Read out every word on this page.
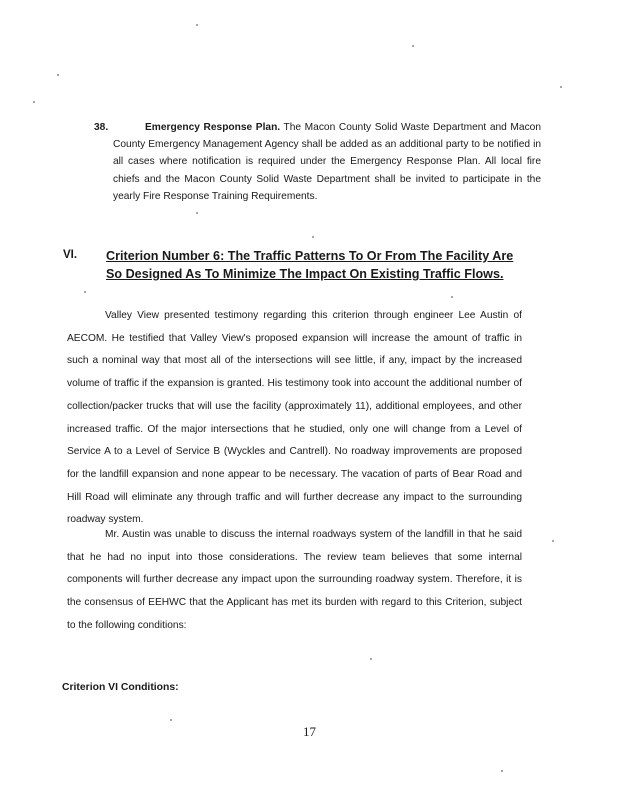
38.	Emergency Response Plan. The Macon County Solid Waste Department and Macon County Emergency Management Agency shall be added as an additional party to be notified in all cases where notification is required under the Emergency Response Plan. All local fire chiefs and the Macon County Solid Waste Department shall be invited to participate in the yearly Fire Response Training Requirements.
VI. Criterion Number 6: The Traffic Patterns To Or From The Facility Are So Designed As To Minimize The Impact On Existing Traffic Flows.
Valley View presented testimony regarding this criterion through engineer Lee Austin of AECOM. He testified that Valley View's proposed expansion will increase the amount of traffic in such a nominal way that most all of the intersections will see little, if any, impact by the increased volume of traffic if the expansion is granted. His testimony took into account the additional number of collection/packer trucks that will use the facility (approximately 11), additional employees, and other increased traffic. Of the major intersections that he studied, only one will change from a Level of Service A to a Level of Service B (Wyckles and Cantrell). No roadway improvements are proposed for the landfill expansion and none appear to be necessary. The vacation of parts of Bear Road and Hill Road will eliminate any through traffic and will further decrease any impact to the surrounding roadway system.
Mr. Austin was unable to discuss the internal roadways system of the landfill in that he said that he had no input into those considerations. The review team believes that some internal components will further decrease any impact upon the surrounding roadway system. Therefore, it is the consensus of EEHWC that the Applicant has met its burden with regard to this Criterion, subject to the following conditions:
Criterion VI Conditions:
17
